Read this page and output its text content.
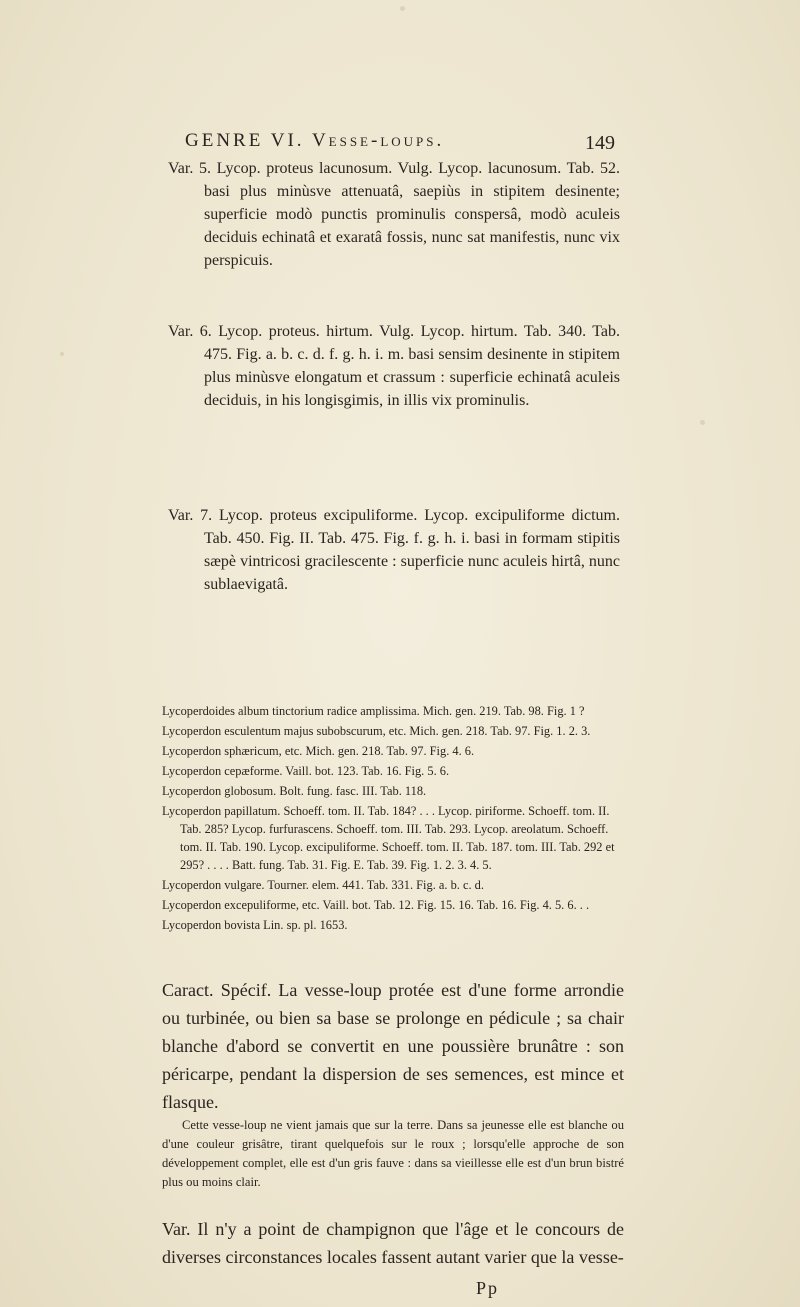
GENRE VI. Vesse-loups.	149

Var. 5. Lycop. proteus lacunosum. Vulg. Lycop. lacunosum. Tab. 52. basi plus minùsve attenuatâ, saepiùs in stipitem desinente; superficie modò punctis prominulis conspersâ, modò aculeis deciduis echinatâ et exaratâ fossis, nunc sat manifestis, nunc vix perspicuis.

Var. 6. Lycop. proteus. hirtum. Vulg. Lycop. hirtum. Tab. 340. Tab. 475. Fig. a. b. c. d. f. g. h. i. m. basi sensim desinente in stipitem plus minùsve elongatum et crassum : superficie echinatâ aculeis deciduis, in his longisgimis, in illis vix prominulis.

Var. 7. Lycop. proteus excipuliforme. Lycop. excipuliforme dictum. Tab. 450. Fig. II. Tab. 475. Fig. f. g. h. i. basi in formam stipitis sæpè vintricosi gracilescente : superficie nunc aculeis hirtâ, nunc sublaevigatâ.

Lycoperdoides album tinctorium radice amplissima. Mich. gen. 219. Tab. 98. Fig. 1 ?

Lycoperdon esculentum majus subobscurum, etc. Mich. gen. 218. Tab. 97. Fig. 1. 2. 3.

Lycoperdon sphæricum, etc. Mich. gen. 218. Tab. 97. Fig. 4. 6.

Lycoperdon cepæforme. Vaill. bot. 123. Tab. 16. Fig. 5. 6.

Lycoperdon globosum. Bolt. fung. fasc. III. Tab. 118.

Lycoperdon papillatum. Schoeff. tom. II. Tab. 184? . . . Lycop. piriforme. Schoeff. tom. II. Tab. 285? Lycop. furfurascens. Schoeff. tom. III. Tab. 293. Lycop. areolatum. Schoeff. tom. II. Tab. 190. Lycop. excipuliforme. Schoeff. tom. II. Tab. 187. tom. III. Tab. 292 et 295? . . . . Batt. fung. Tab. 31. Fig. E. Tab. 39. Fig. 1. 2. 3. 4. 5.

Lycoperdon vulgare. Tourner. elem. 441. Tab. 331. Fig. a. b. c. d.

Lycoperdon excepuliforme, etc. Vaill. bot. Tab. 12. Fig. 15. 16. Tab. 16. Fig. 4. 5. 6. . .

Lycoperdon bovista Lin. sp. pl. 1653.

Caract. Spécif. La vesse-loup protée est d'une forme arrondie ou turbinée, ou bien sa base se prolonge en pédicule ; sa chair blanche d'abord se convertit en une poussière brunâtre : son péricarpe, pendant la dispersion de ses semences, est mince et flasque.

Cette vesse-loup ne vient jamais que sur la terre. Dans sa jeunesse elle est blanche ou d'une couleur grisâtre, tirant quelquefois sur le roux ; lorsqu'elle approche de son développement complet, elle est d'un gris fauve : dans sa vieillesse elle est d'un brun bistré plus ou moins clair.

Var. Il n'y a point de champignon que l'âge et le concours de diverses circonstances locales fassent autant varier que la vesse-
Pp
